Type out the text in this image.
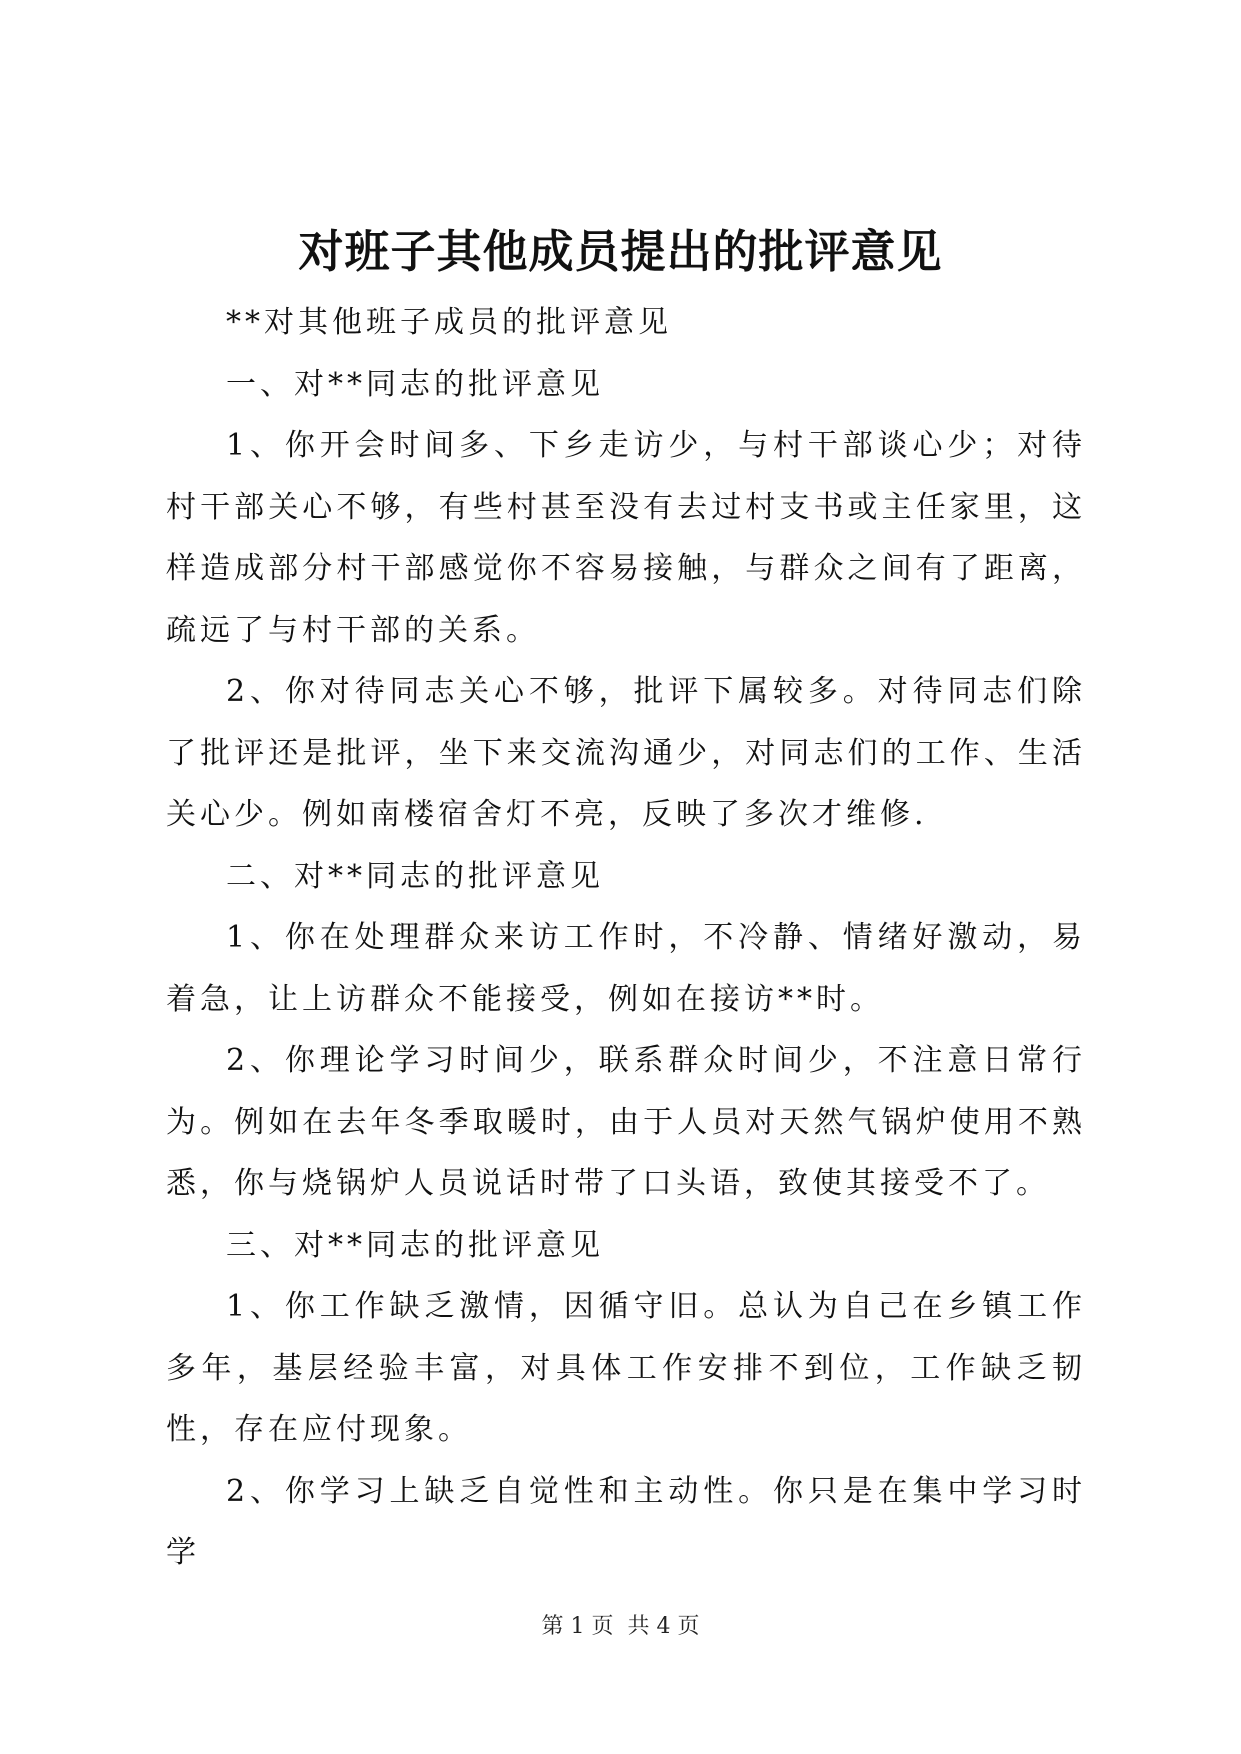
对班子其他成员提出的批评意见

**对其他班子成员的批评意见

一、对**同志的批评意见

1、你开会时间多、下乡走访少，与村干部谈心少；对待村干部关心不够，有些村甚至没有去过村支书或主任家里，这样造成部分村干部感觉你不容易接触，与群众之间有了距离，疏远了与村干部的关系。

2、你对待同志关心不够，批评下属较多。对待同志们除了批评还是批评，坐下来交流沟通少，对同志们的工作、生活关心少。例如南楼宿舍灯不亮，反映了多次才维修.

二、对**同志的批评意见

1、你在处理群众来访工作时，不冷静、情绪好激动，易着急，让上访群众不能接受，例如在接访**时。

2、你理论学习时间少，联系群众时间少，不注意日常行为。例如在去年冬季取暖时，由于人员对天然气锅炉使用不熟悉，你与烧锅炉人员说话时带了口头语，致使其接受不了。

三、对**同志的批评意见

1、你工作缺乏激情，因循守旧。总认为自己在乡镇工作多年，基层经验丰富，对具体工作安排不到位，工作缺乏韧性，存在应付现象。

2、你学习上缺乏自觉性和主动性。你只是在集中学习时学

第 1 页  共 4 页
